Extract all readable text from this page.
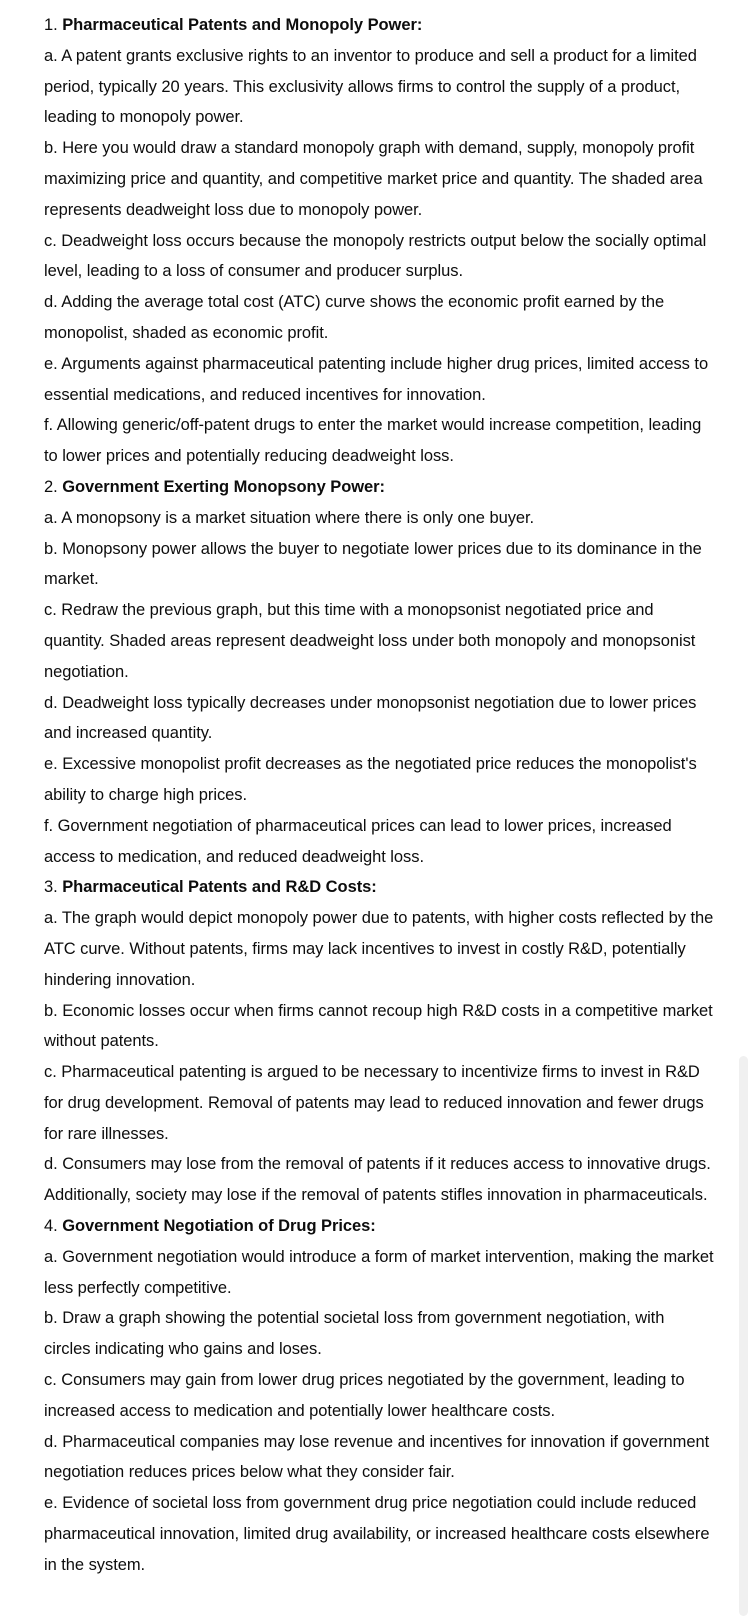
1. Pharmaceutical Patents and Monopoly Power:

a. A patent grants exclusive rights to an inventor to produce and sell a product for a limited period, typically 20 years. This exclusivity allows firms to control the supply of a product, leading to monopoly power.

b. Here you would draw a standard monopoly graph with demand, supply, monopoly profit maximizing price and quantity, and competitive market price and quantity. The shaded area represents deadweight loss due to monopoly power.

c. Deadweight loss occurs because the monopoly restricts output below the socially optimal level, leading to a loss of consumer and producer surplus.

d. Adding the average total cost (ATC) curve shows the economic profit earned by the monopolist, shaded as economic profit.

e. Arguments against pharmaceutical patenting include higher drug prices, limited access to essential medications, and reduced incentives for innovation.

f. Allowing generic/off-patent drugs to enter the market would increase competition, leading to lower prices and potentially reducing deadweight loss.

2. Government Exerting Monopsony Power:

a. A monopsony is a market situation where there is only one buyer.

b. Monopsony power allows the buyer to negotiate lower prices due to its dominance in the market.

c. Redraw the previous graph, but this time with a monopsonist negotiated price and quantity. Shaded areas represent deadweight loss under both monopoly and monopsonist negotiation.

d. Deadweight loss typically decreases under monopsonist negotiation due to lower prices and increased quantity.

e. Excessive monopolist profit decreases as the negotiated price reduces the monopolist's ability to charge high prices.

f. Government negotiation of pharmaceutical prices can lead to lower prices, increased access to medication, and reduced deadweight loss.

3. Pharmaceutical Patents and R&D Costs:

a. The graph would depict monopoly power due to patents, with higher costs reflected by the ATC curve. Without patents, firms may lack incentives to invest in costly R&D, potentially hindering innovation.

b. Economic losses occur when firms cannot recoup high R&D costs in a competitive market without patents.

c. Pharmaceutical patenting is argued to be necessary to incentivize firms to invest in R&D for drug development. Removal of patents may lead to reduced innovation and fewer drugs for rare illnesses.

d. Consumers may lose from the removal of patents if it reduces access to innovative drugs. Additionally, society may lose if the removal of patents stifles innovation in pharmaceuticals.

4. Government Negotiation of Drug Prices:

a. Government negotiation would introduce a form of market intervention, making the market less perfectly competitive.

b. Draw a graph showing the potential societal loss from government negotiation, with circles indicating who gains and loses.

c. Consumers may gain from lower drug prices negotiated by the government, leading to increased access to medication and potentially lower healthcare costs.

d. Pharmaceutical companies may lose revenue and incentives for innovation if government negotiation reduces prices below what they consider fair.

e. Evidence of societal loss from government drug price negotiation could include reduced pharmaceutical innovation, limited drug availability, or increased healthcare costs elsewhere in the system.
